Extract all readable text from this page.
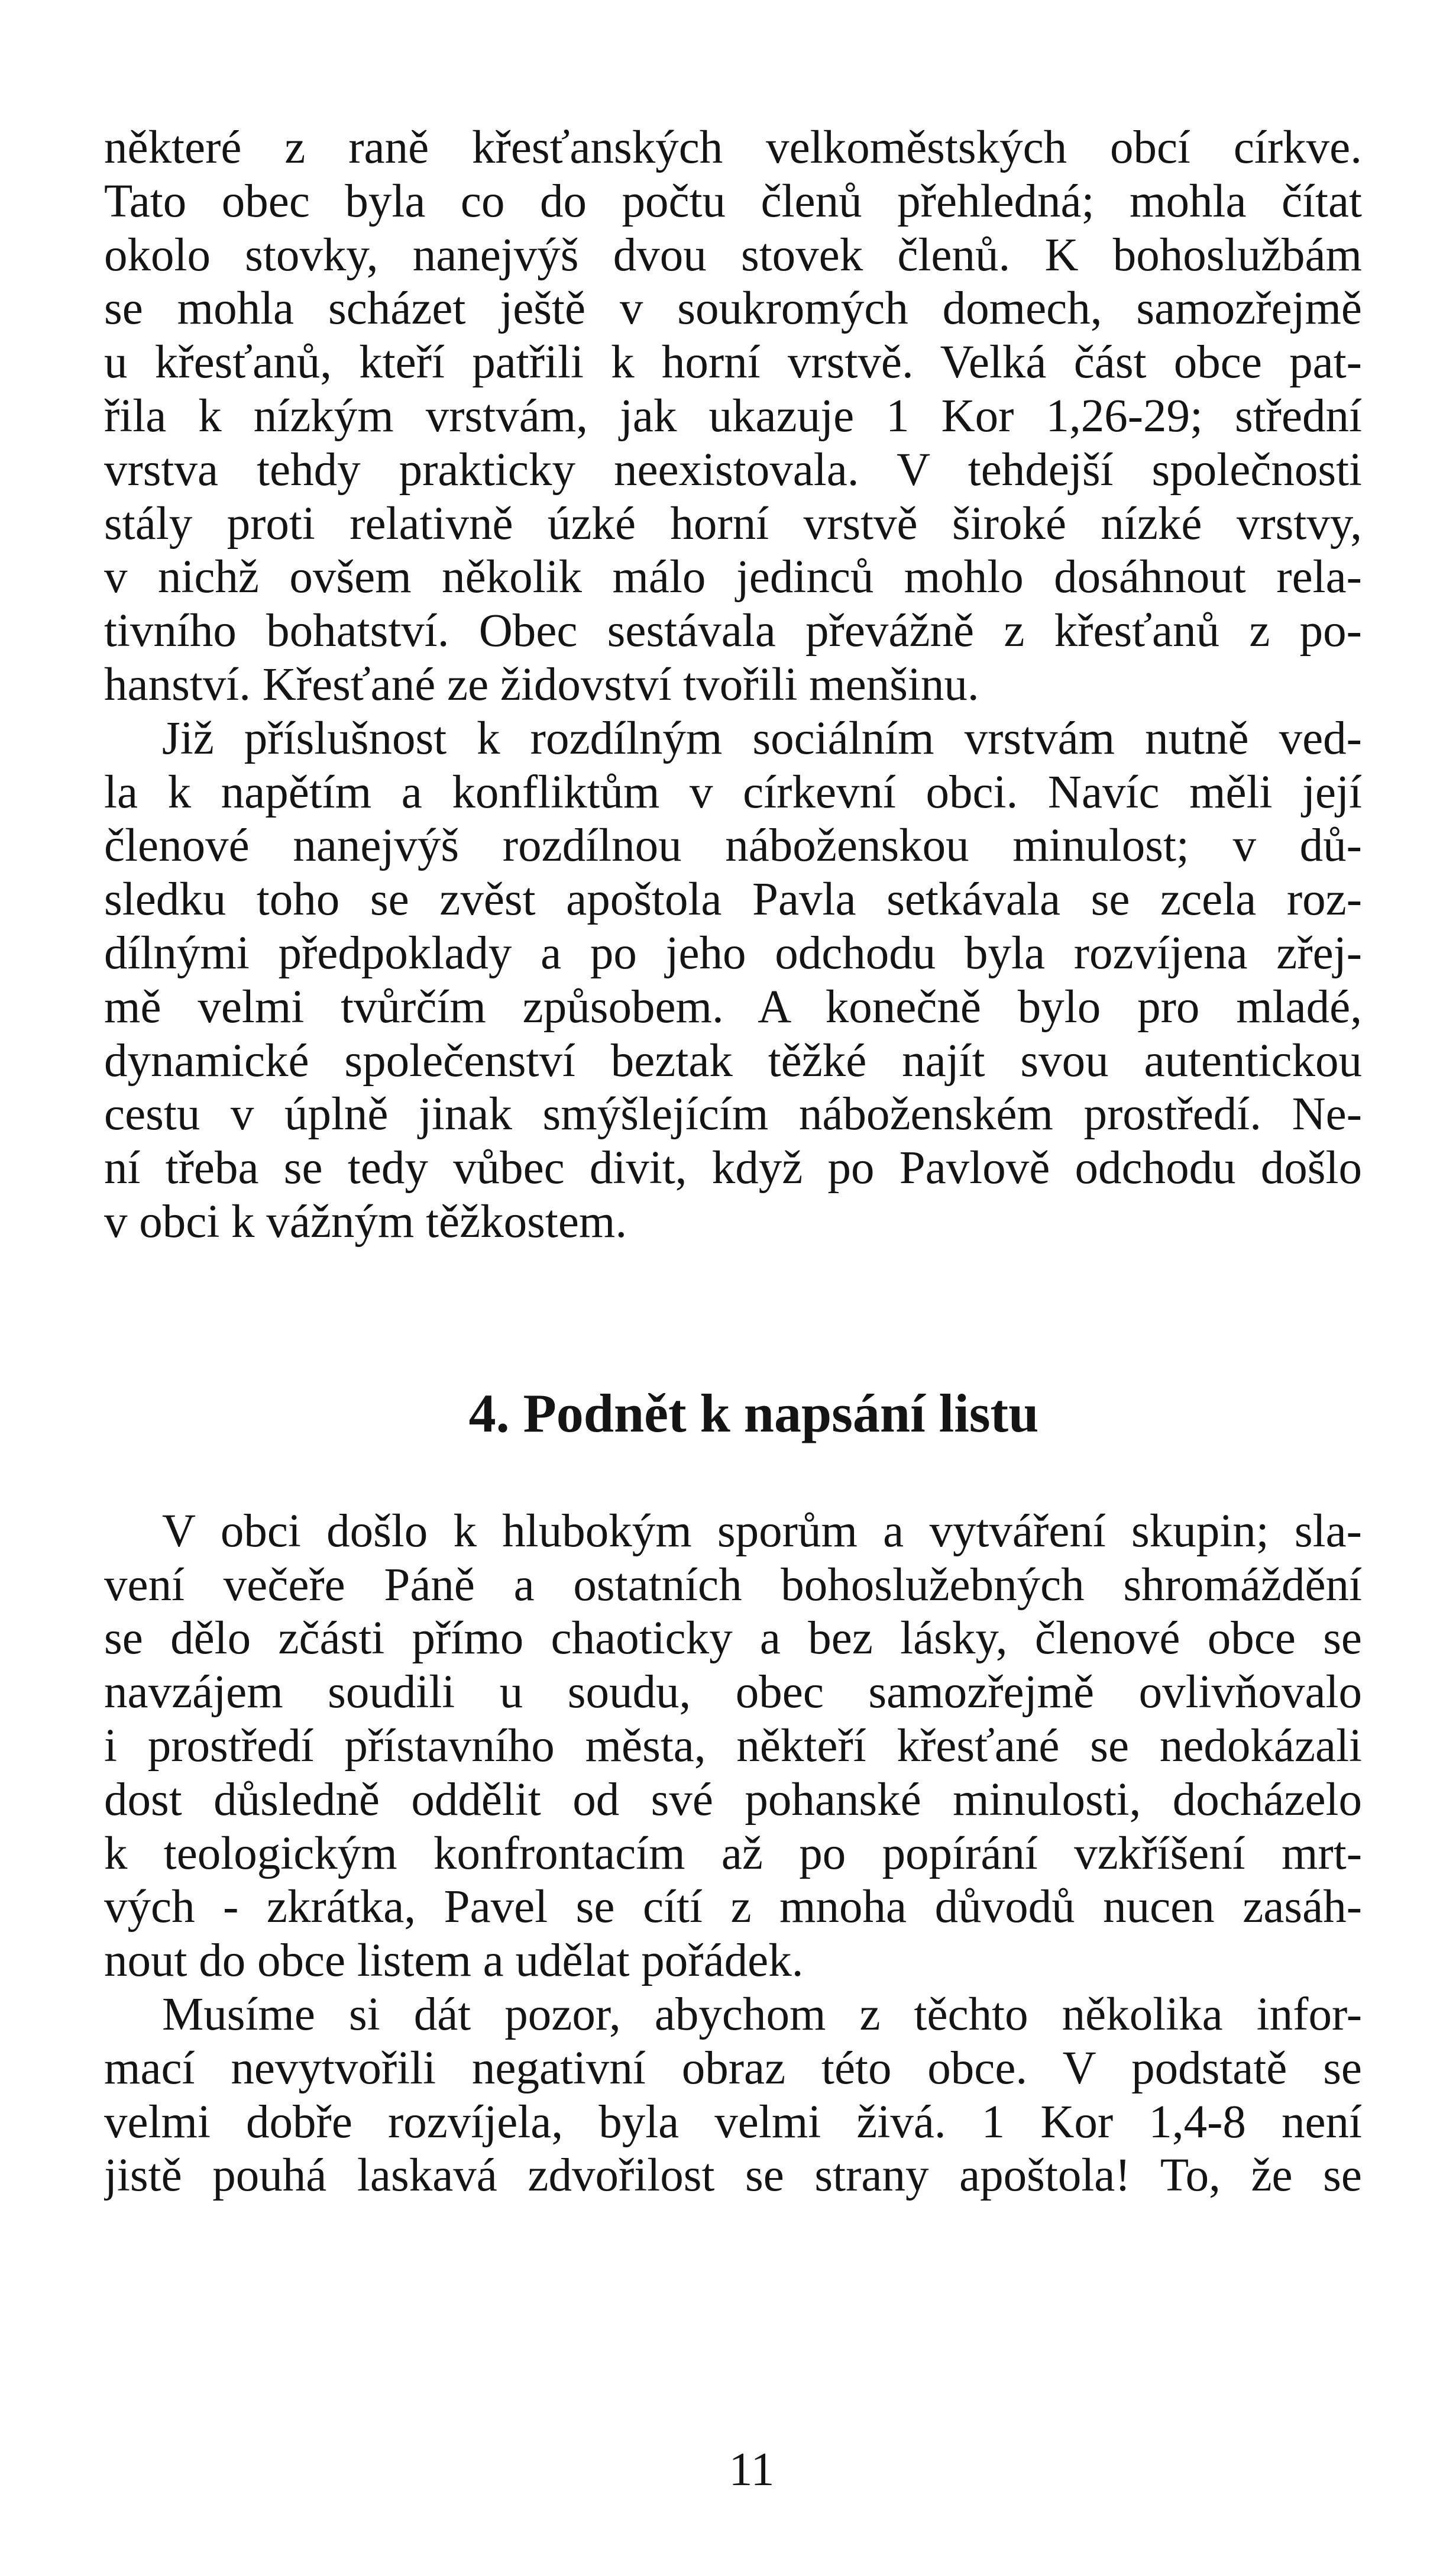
některé z raně křesťanských velkoměstských obcí církve.
Tato obec byla co do počtu členů přehledná; mohla čítat
okolo stovky, nanejvýš dvou stovek členů. K bohoslužbám
se mohla scházet ještě v soukromých domech, samozřejmě
u křesťanů, kteří patřili k horní vrstvě. Velká část obce pat-
řila k nízkým vrstvám, jak ukazuje 1 Kor 1,26-29; střední
vrstva tehdy prakticky neexistovala. V tehdejší společnosti
stály proti relativně úzké horní vrstvě široké nízké vrstvy,
v nichž ovšem několik málo jedinců mohlo dosáhnout rela-
tivního bohatství. Obec sestávala převážně z křesťanů z po-
hanství. Křesťané ze židovství tvořili menšinu.
Již příslušnost k rozdílným sociálním vrstvám nutně ved-
la k napětím a konfliktům v církevní obci. Navíc měli její
členové nanejvýš rozdílnou náboženskou minulost; v dů-
sledku toho se zvěst apoštola Pavla setkávala se zcela roz-
dílnými předpoklady a po jeho odchodu byla rozvíjena zřej-
mě velmi tvůrčím způsobem. A konečně bylo pro mladé,
dynamické společenství beztak těžké najít svou autentickou
cestu v úplně jinak smýšlejícím náboženském prostředí. Ne-
ní třeba se tedy vůbec divit, když po Pavlově odchodu došlo
v obci k vážným těžkostem.
4. Podnět k napsání listu
V obci došlo k hlubokým sporům a vytváření skupin; sla-
vení večeře Páně a ostatních bohoslužebných shromáždění
se dělo zčásti přímo chaoticky a bez lásky, členové obce se
navzájem soudili u soudu, obec samozřejmě ovlivňovalo
i prostředí přístavního města, někteří křesťané se nedokázali
dost důsledně oddělit od své pohanské minulosti, docházelo
k teologickým konfrontacím až po popírání vzkříšení mrt-
vých - zkrátka, Pavel se cítí z mnoha důvodů nucen zasáh-
nout do obce listem a udělat pořádek.
Musíme si dát pozor, abychom z těchto několika infor-
mací nevytvořili negativní obraz této obce. V podstatě se
velmi dobře rozvíjela, byla velmi živá. 1 Kor 1,4-8 není
jistě pouhá laskavá zdvořilost se strany apoštola! To, že se
11
